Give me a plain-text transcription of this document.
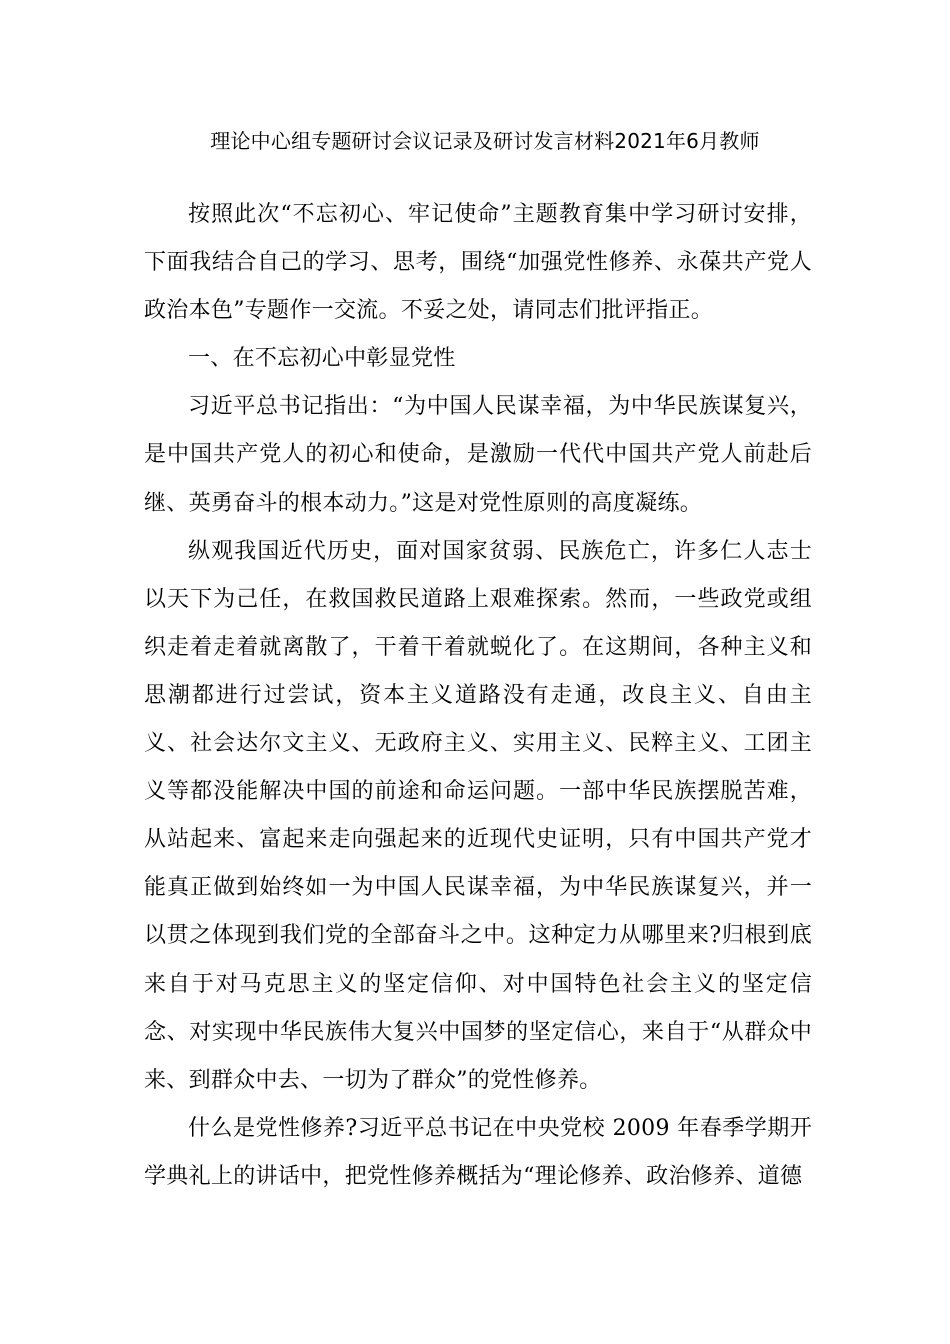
理论中心组专题研讨会议记录及研讨发言材料2021年6月教师

按照此次“不忘初心、牢记使命”主题教育集中学习研讨安排，下面我结合自己的学习、思考，围绕“加强党性修养、永葆共产党人政治本色”专题作一交流。不妥之处，请同志们批评指正。

一、在不忘初心中彰显党性

习近平总书记指出：“为中国人民谋幸福，为中华民族谋复兴，是中国共产党人的初心和使命，是激励一代代中国共产党人前赴后继、英勇奋斗的根本动力。”这是对党性原则的高度凝练。

纵观我国近代历史，面对国家贫弱、民族危亡，许多仁人志士以天下为己任，在救国救民道路上艰难探索。然而，一些政党或组织走着走着就离散了，干着干着就蜕化了。在这期间，各种主义和思潮都进行过尝试，资本主义道路没有走通，改良主义、自由主义、社会达尔文主义、无政府主义、实用主义、民粹主义、工团主义等都没能解决中国的前途和命运问题。一部中华民族摆脱苦难，从站起来、富起来走向强起来的近现代史证明，只有中国共产党才能真正做到始终如一为中国人民谋幸福，为中华民族谋复兴，并一以贯之体现到我们党的全部奋斗之中。这种定力从哪里来?归根到底来自于对马克思主义的坚定信仰、对中国特色社会主义的坚定信念、对实现中华民族伟大复兴中国梦的坚定信心，来自于“从群众中来、到群众中去、一切为了群众”的党性修养。

什么是党性修养?习近平总书记在中央党校 2009 年春季学期开学典礼上的讲话中，把党性修养概括为“理论修养、政治修养、道德
